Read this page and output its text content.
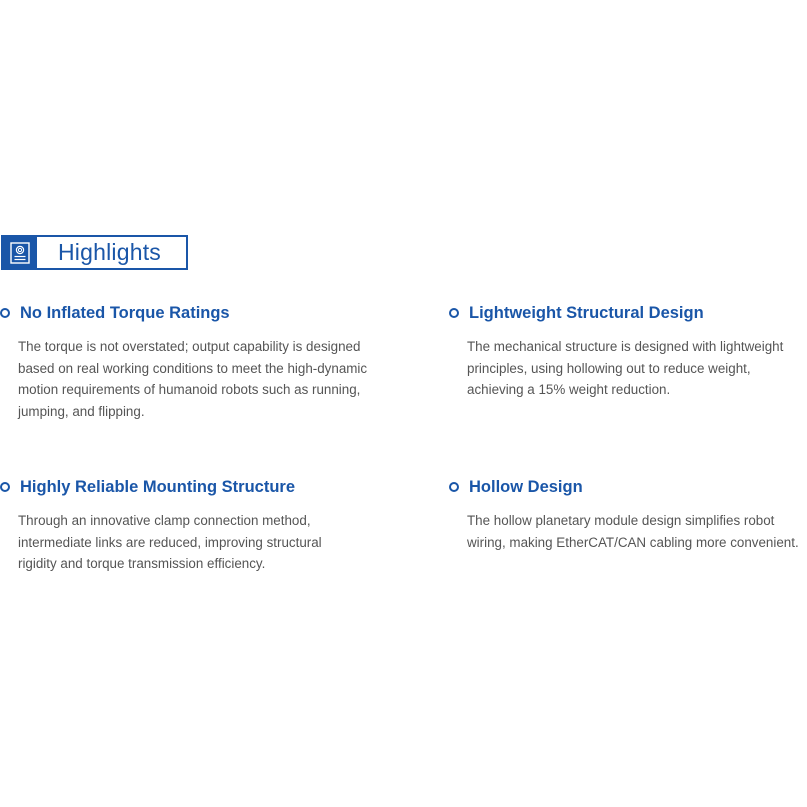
Highlights
No Inflated Torque Ratings
The torque is not overstated; output capability is designed
based on real working conditions to meet the high-dynamic
motion requirements of humanoid robots such as running,
jumping, and flipping.
Lightweight Structural Design
The mechanical structure is designed with lightweight
principles, using hollowing out to reduce weight,
achieving a 15% weight reduction.
Highly Reliable Mounting Structure
Through an innovative clamp connection method,
intermediate links are reduced, improving structural
rigidity and torque transmission efficiency.
Hollow Design
The hollow planetary module design simplifies robot
wiring, making EtherCAT/CAN cabling more convenient.
